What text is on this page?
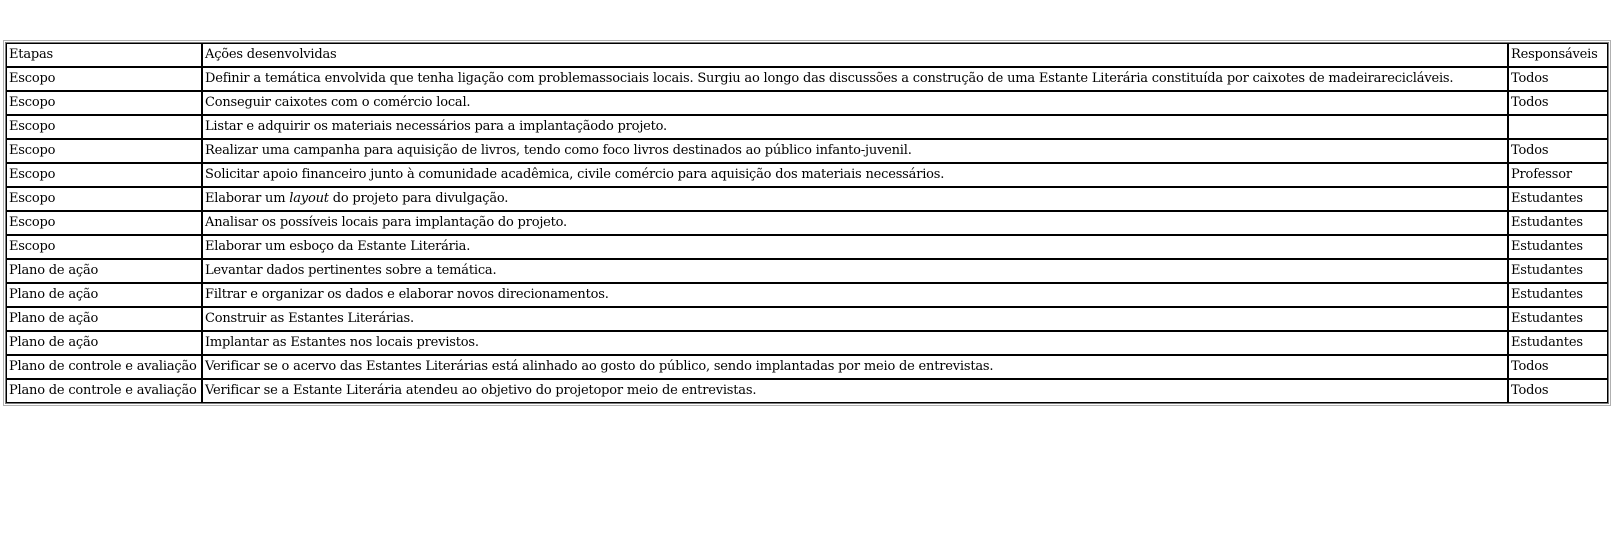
Etapas	Ações desenvolvidas	Responsáveis
Escopo	Definir a temática envolvida que tenha ligação com problemassociais locais. Surgiu ao longo das discussões a construção de uma Estante Literária constituída por caixotes de madeirarecicláveis.	Todos
Escopo	Conseguir caixotes com o comércio local.	Todos
Escopo	Listar e adquirir os materiais necessários para a implantaçãodo projeto.	
Escopo	Realizar uma campanha para aquisição de livros, tendo como foco livros destinados ao público infanto-juvenil.	Todos
Escopo	Solicitar apoio financeiro junto à comunidade acadêmica, civile comércio para aquisição dos materiais necessários.	Professor
Escopo	Elaborar um layout do projeto para divulgação.	Estudantes
Escopo	Analisar os possíveis locais para implantação do projeto.	Estudantes
Escopo	Elaborar um esboço da Estante Literária.	Estudantes
Plano de ação	Levantar dados pertinentes sobre a temática.	Estudantes
Plano de ação	Filtrar e organizar os dados e elaborar novos direcionamentos.	Estudantes
Plano de ação	Construir as Estantes Literárias.	Estudantes
Plano de ação	Implantar as Estantes nos locais previstos.	Estudantes
Plano de controle e avaliação	Verificar se o acervo das Estantes Literárias está alinhado ao gosto do público, sendo implantadas por meio de entrevistas.	Todos
Plano de controle e avaliação	Verificar se a Estante Literária atendeu ao objetivo do projetopor meio de entrevistas.	Todos
